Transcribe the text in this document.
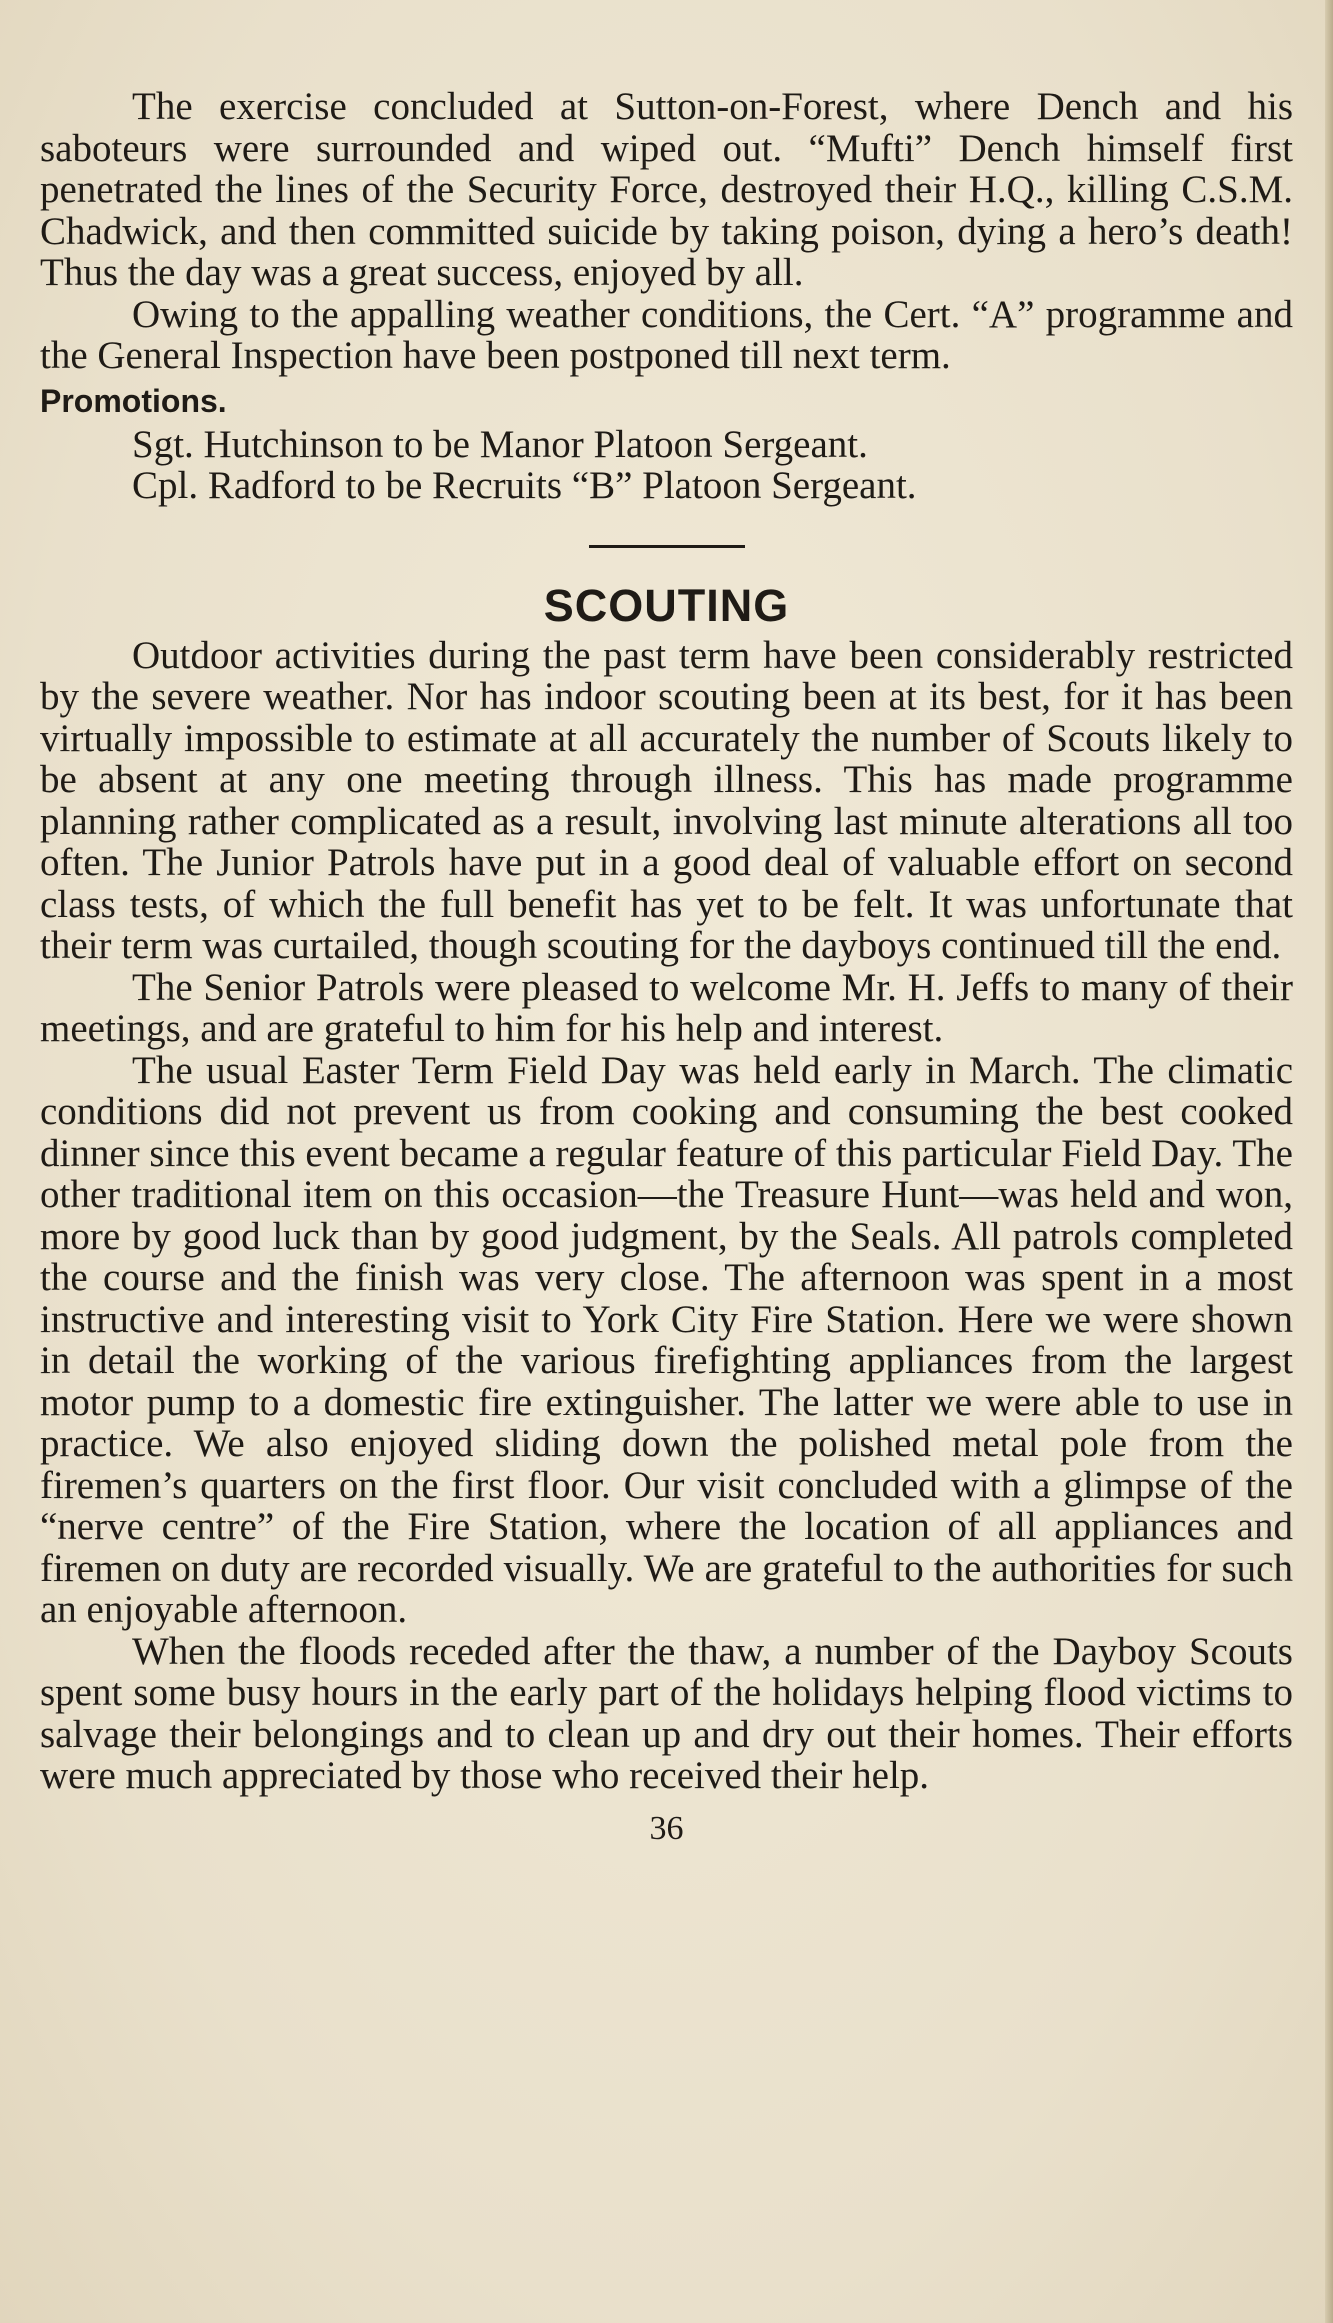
The exercise concluded at Sutton-on-Forest, where Dench and his saboteurs were surrounded and wiped out. “Mufti” Dench himself first penetrated the lines of the Security Force, destroyed their H.Q., killing C.S.M. Chadwick, and then committed suicide by taking poison, dying a hero’s death! Thus the day was a great success, enjoyed by all.

Owing to the appalling weather conditions, the Cert. “A” programme and the General Inspection have been postponed till next term.

Promotions.
Sgt. Hutchinson to be Manor Platoon Sergeant.
Cpl. Radford to be Recruits “B” Platoon Sergeant.
SCOUTING

Outdoor activities during the past term have been considerably restricted by the severe weather. Nor has indoor scouting been at its best, for it has been virtually impossible to estimate at all accurately the number of Scouts likely to be absent at any one meeting through illness. This has made programme planning rather complicated as a result, involving last minute alterations all too often. The Junior Patrols have put in a good deal of valuable effort on second class tests, of which the full benefit has yet to be felt. It was unfortunate that their term was curtailed, though scouting for the dayboys continued till the end.

The Senior Patrols were pleased to welcome Mr. H. Jeffs to many of their meetings, and are grateful to him for his help and interest.

The usual Easter Term Field Day was held early in March. The climatic conditions did not prevent us from cooking and consuming the best cooked dinner since this event became a regular feature of this particular Field Day. The other traditional item on this occasion—the Treasure Hunt—was held and won, more by good luck than by good judgment, by the Seals. All patrols completed the course and the finish was very close. The afternoon was spent in a most instructive and interesting visit to York City Fire Station. Here we were shown in detail the working of the various firefighting appliances from the largest motor pump to a domestic fire extinguisher. The latter we were able to use in practice. We also enjoyed sliding down the polished metal pole from the firemen’s quarters on the first floor. Our visit concluded with a glimpse of the “nerve centre” of the Fire Station, where the location of all appliances and firemen on duty are recorded visually. We are grateful to the authorities for such an enjoyable afternoon.

When the floods receded after the thaw, a number of the Dayboy Scouts spent some busy hours in the early part of the holidays helping flood victims to salvage their belongings and to clean up and dry out their homes. Their efforts were much appreciated by those who received their help.

36
